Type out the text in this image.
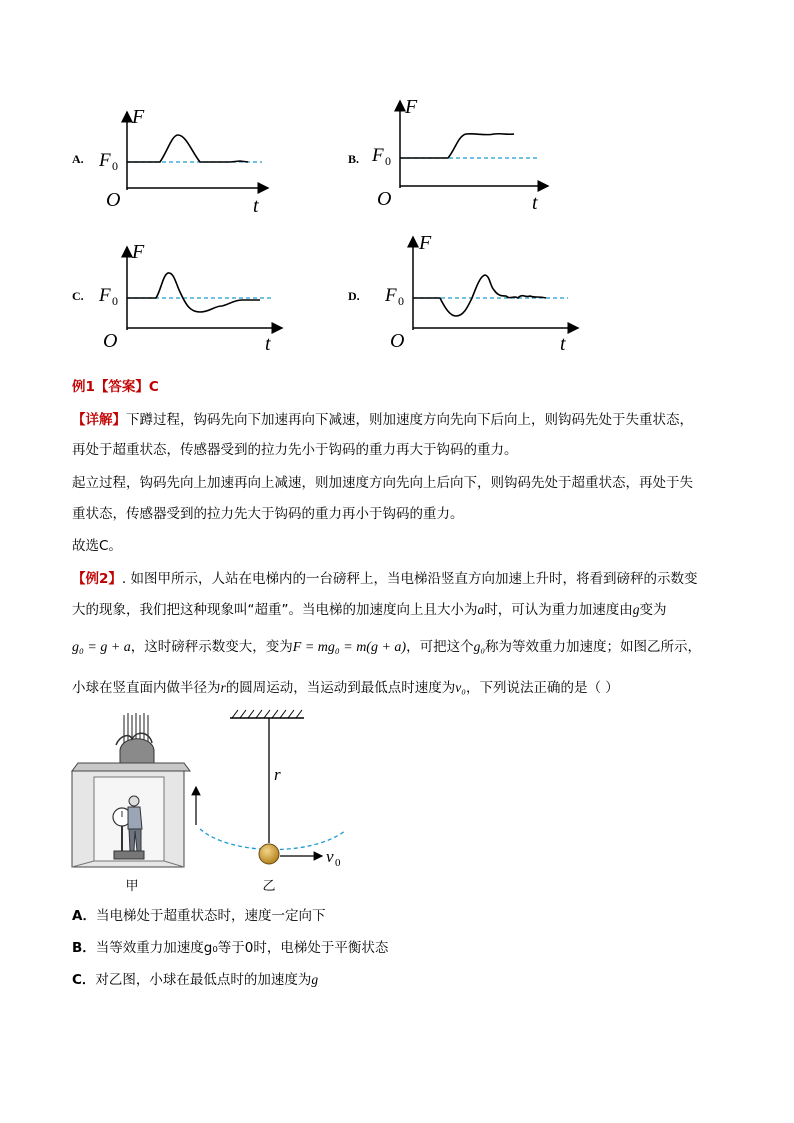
A.
F
t
O
F 0	B.
F
t
O
F 0
C.
F
t
O
F 0	D.
F
t
O
F 0
例1【答案】C
【详解】下蹲过程，钩码先向下加速再向下减速，则加速度方向先向下后向上，则钩码先处于失重状态，
再处于超重状态，传感器受到的拉力先小于钩码的重力再大于钩码的重力。
起立过程，钩码先向上加速再向上减速，则加速度方向先向上后向下，则钩码先处于超重状态，再处于失
重状态，传感器受到的拉力先大于钩码的重力再小于钩码的重力。
故选C。
【例2】. 如图甲所示，人站在电梯内的一台磅秤上，当电梯沿竖直方向加速上升时，将看到磅秤的示数变
大的现象，我们把这种现象叫“超重”。当电梯的加速度向上且大小为a时，可认为重力加速度由g变为
g₀ = g + a，这时磅秤示数变大，变为F = mg₀ = m(g + a)，可把这个g₀称为等效重力加速度；如图乙所示，
小球在竖直面内做半径为r的圆周运动，当运动到最低点时速度为v₀，下列说法正确的是（ ）
甲
r
v 0
乙
A．当电梯处于超重状态时，速度一定向下
B．当等效重力加速度g₀等于0时，电梯处于平衡状态
C．对乙图，小球在最低点时的加速度为g
